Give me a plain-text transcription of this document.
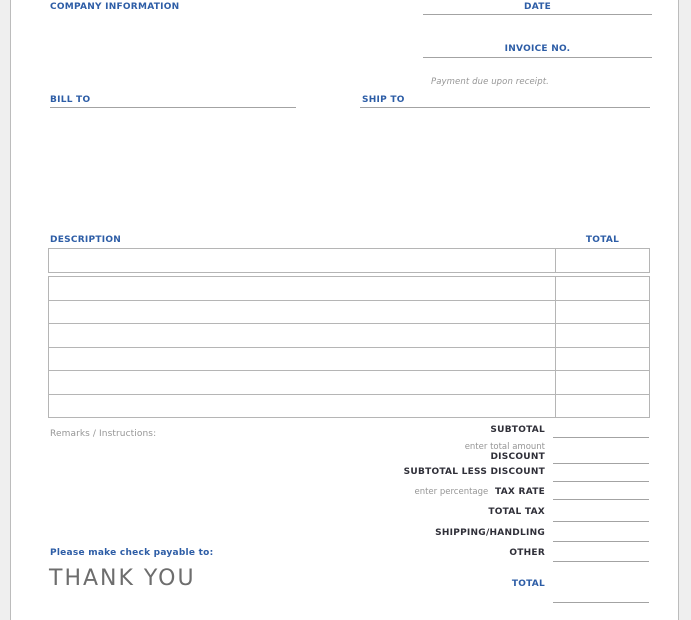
COMPANY INFORMATION	DATE
INVOICE NO.
Payment due upon receipt.
BILL TO	SHIP TO
DESCRIPTION	TOTAL
Remarks / Instructions:	SUBTOTAL
enter total amount
DISCOUNT
SUBTOTAL LESS DISCOUNT
enter percentage TAX RATE
TOTAL TAX
SHIPPING/HANDLING
OTHER
TOTAL
Please make check payable to:
THANK YOU
